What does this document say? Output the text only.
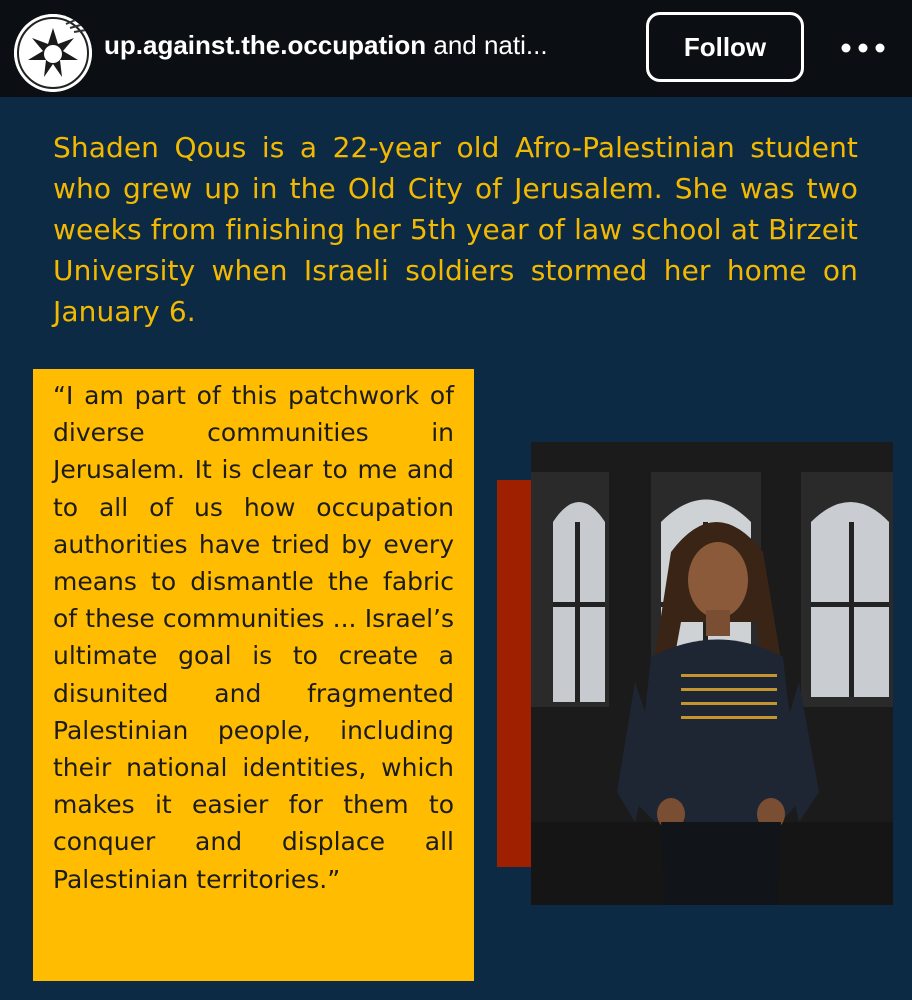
up.against.the.occupation and nati...	Follow
Shaden Qous is a 22-year old Afro-Palestinian student who grew up in the Old City of Jerusalem. She was two weeks from finishing her 5th year of law school at Birzeit University when Israeli soldiers stormed her home on January 6.
“I am part of this patchwork of diverse communities in Jerusalem. It is clear to me and to all of us how occupation authorities have tried by every means to dismantle the fabric of these communities ... Israel’s ultimate goal is to create a disunited and fragmented Palestinian people, including their national identities, which makes it easier for them to conquer and displace all Palestinian territories.”
